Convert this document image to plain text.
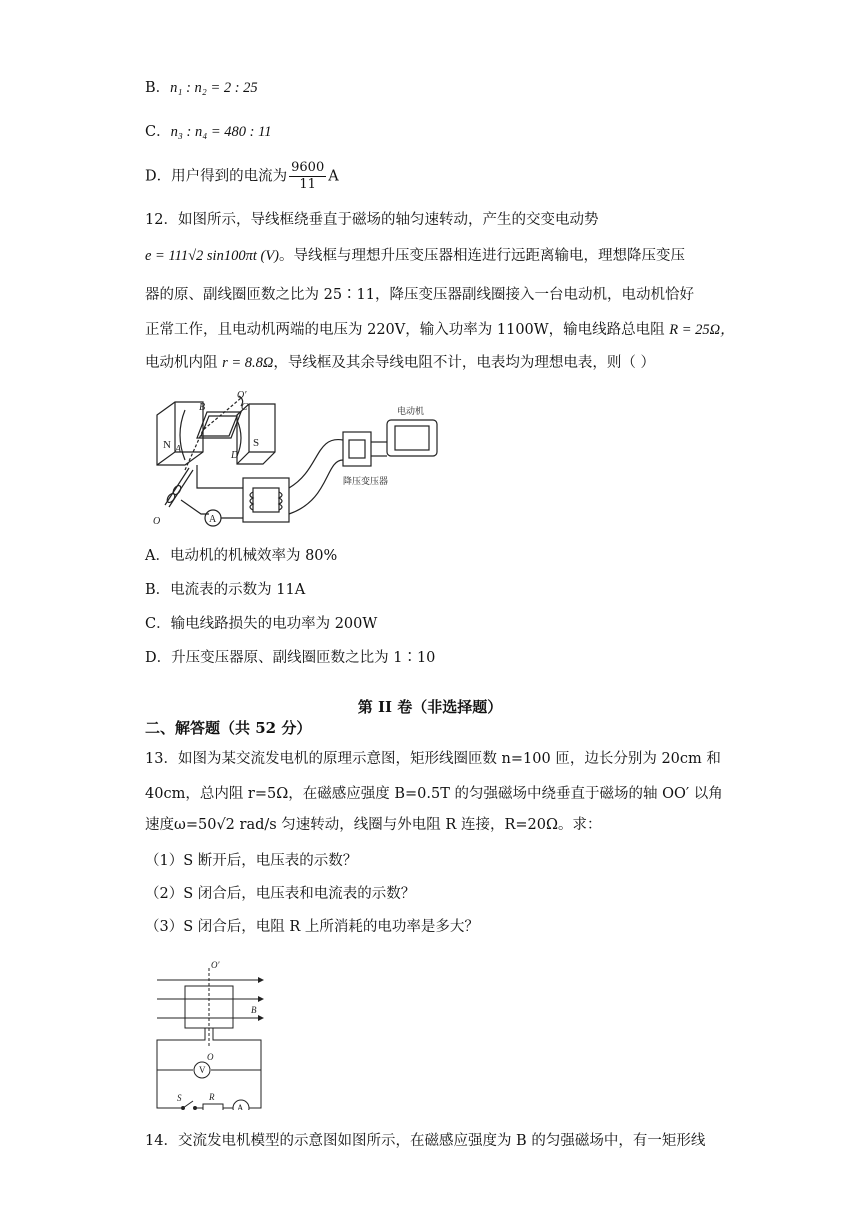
B．n₁ : n₂ = 2 : 25
C．n₃ : n₄ = 480 : 11
D．用户得到的电流为 $\frac{9600}{11}$ A
12．如图所示，导线框绕垂直于磁场的轴匀速转动，产生的交变电动势
e = 111√2 sin100πt (V)。导线框与理想升压变压器相连进行远距离输电，理想降压变压
器的原、副线圈匝数之比为 25∶11，降压变压器副线圈接入一台电动机，电动机恰好
正常工作，且电动机两端的电压为 220V，输入功率为 1100W，输电线路总电阻 R = 25Ω，
电动机内阻 r = 8.8Ω，导线框及其余导线电阻不计，电表均为理想电表，则（ ）
电动机
降压变压器
N	S
B	C
A
D
O
O′
A
A．电动机的机械效率为 80%
B．电流表的示数为 11A
C．输电线路损失的电功率为 200W
D．升压变压器原、副线圈匝数之比为 1∶10
第 II 卷（非选择题）
二、解答题（共 52 分）
13．如图为某交流发电机的原理示意图，矩形线圈匝数 n=100 匝，边长分别为 20cm 和
40cm，总内阻 r=5Ω，在磁感应强度 B=0.5T 的匀强磁场中绕垂直于磁场的轴 OO′ 以角
速度ω=50√2 rad/s 匀速转动，线圈与外电阻 R 连接，R=20Ω。求：
（1）S 断开后，电压表的示数？
（2）S 闭合后，电压表和电流表的示数？
（3）S 闭合后，电阻 R 上所消耗的电功率是多大？
O′
O
B
V
S	R
A
14．交流发电机模型的示意图如图所示，在磁感应强度为 B 的匀强磁场中，有一矩形线
